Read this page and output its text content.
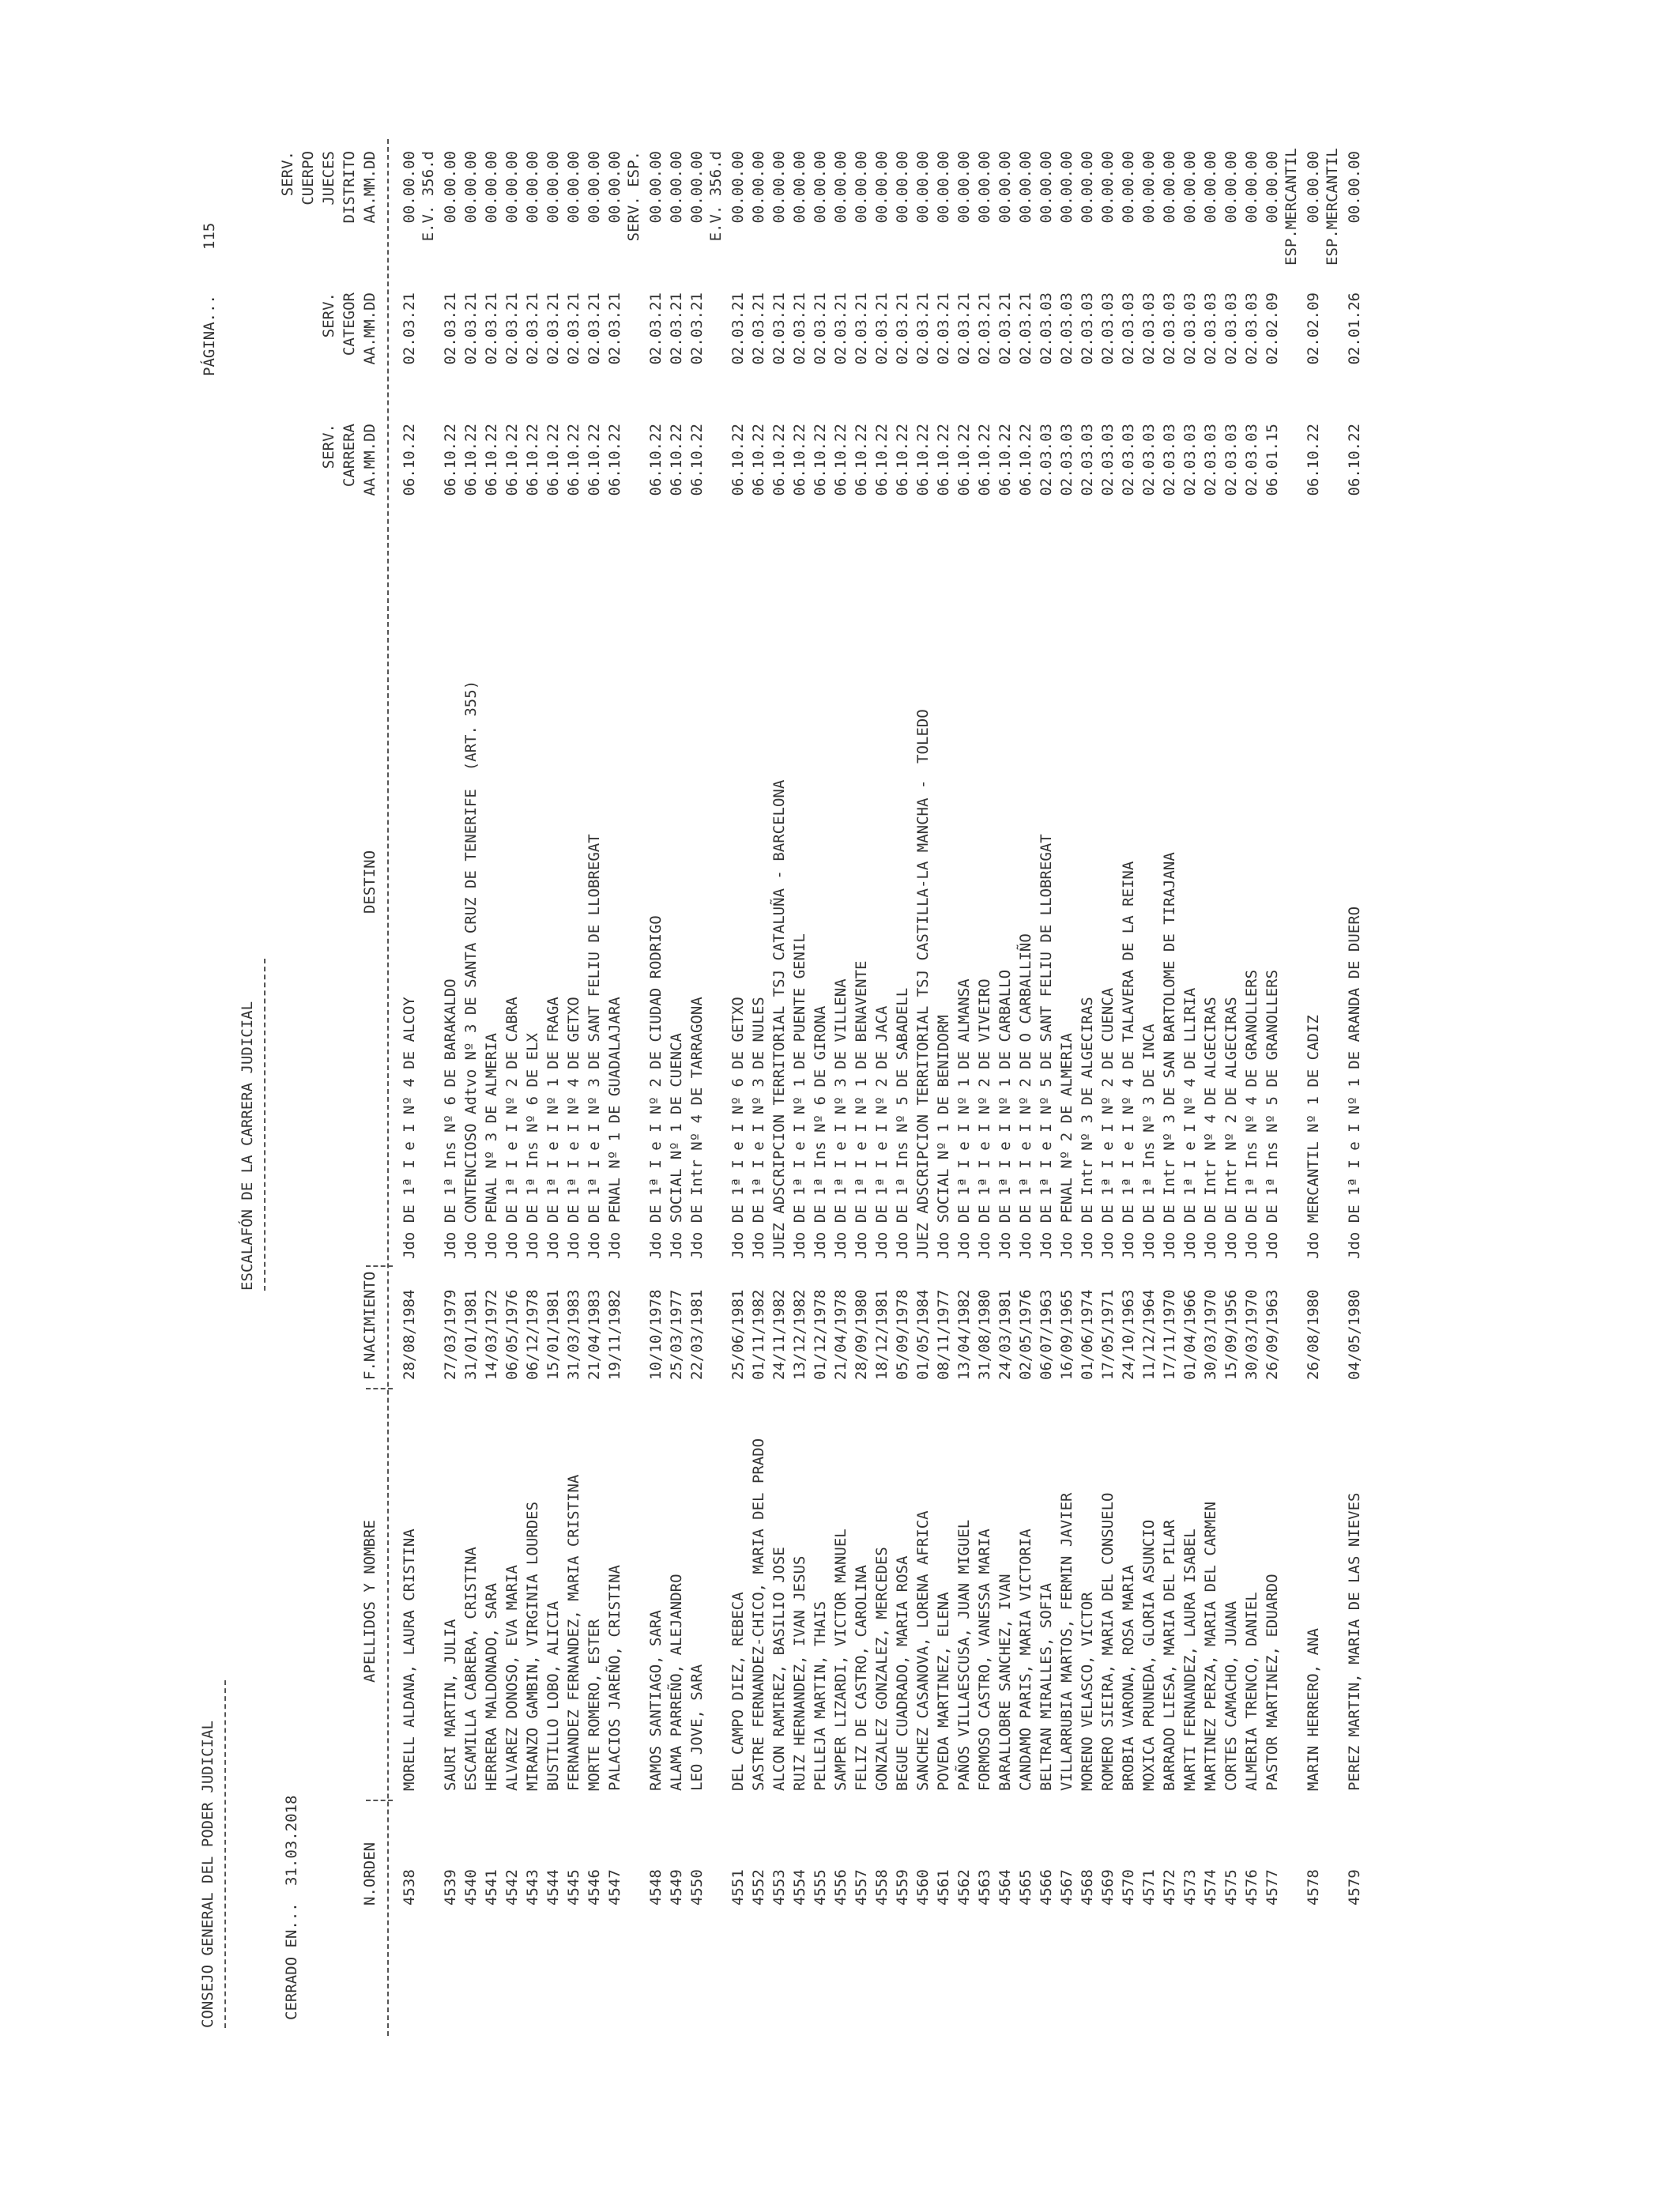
CONSEJO GENERAL DEL PODER JUDICIAL
ESCALAFÓN DE LA CARRERA JUDICIAL
PÁGINA...
115
CERRADO EN...
31.03.2018	N.ORDEN
APELLIDOS Y NOMBRE
F.NACIMIENTO
DESTINO
SERV. CARRERA AA.MM.DD
SERV. CATEGOR AA.MM.DD
SERV. CUERPO JUECES DISTRITO AA.MM.DD
4538
MORELL ALDANA, LAURA CRISTINA
28/08/1984
Jdo DE 1ª I e I Nº 4 DE ALCOY
06.10.22
02.03.21
00.00.00 E.V. 356.d
4539
SAURI MARTIN, JULIA
27/03/1979
Jdo DE 1ª Ins Nº 6 DE BARAKALDO
06.10.22
02.03.21
00.00.00
4540
ESCAMILLA CABRERA, CRISTINA
31/01/1981
Jdo CONTENCIOSO Adtvo Nº 3 DE SANTA CRUZ DE TENERIFE  (ART. 355)
06.10.22
02.03.21
00.00.00
4541
HERRERA MALDONADO, SARA
14/03/1972
Jdo PENAL Nº 3 DE ALMERIA
06.10.22
02.03.21
00.00.00
4542
ALVAREZ DONOSO, EVA MARIA
06/05/1976
Jdo DE 1ª I e I Nº 2 DE CABRA
06.10.22
02.03.21
00.00.00
4543
MIRANZO GAMBIN, VIRGINIA LOURDES
06/12/1978
Jdo DE 1ª Ins Nº 6 DE ELX
06.10.22
02.03.21
00.00.00
4544
BUSTILLO LOBO, ALICIA
15/01/1981
Jdo DE 1ª I e I Nº 1 DE FRAGA
06.10.22
02.03.21
00.00.00
4545
FERNANDEZ FERNANDEZ, MARIA CRISTINA
31/03/1983
Jdo DE 1ª I e I Nº 4 DE GETXO
06.10.22
02.03.21
00.00.00
4546
MORTE ROMERO, ESTER
21/04/1983
Jdo DE 1ª I e I Nº 3 DE SANT FELIU DE LLOBREGAT
06.10.22
02.03.21
00.00.00
4547
PALACIOS JAREÑO, CRISTINA
19/11/1982
Jdo PENAL Nº 1 DE GUADALAJARA
06.10.22
02.03.21
00.00.00 SERV. ESP.
4548
RAMOS SANTIAGO, SARA
10/10/1978
Jdo DE 1ª I e I Nº 2 DE CIUDAD RODRIGO
06.10.22
02.03.21
00.00.00
4549
ALAMA PARREÑO, ALEJANDRO
25/03/1977
Jdo SOCIAL Nº 1 DE CUENCA
06.10.22
02.03.21
00.00.00
4550
LEO JOVE, SARA
22/03/1981
Jdo DE Intr Nº 4 DE TARRAGONA
06.10.22
02.03.21
00.00.00 E.V. 356.d
4551
DEL CAMPO DIEZ, REBECA
25/06/1981
Jdo DE 1ª I e I Nº 6 DE GETXO
06.10.22
02.03.21
00.00.00
4552
SASTRE FERNANDEZ-CHICO, MARIA DEL PRADO
01/11/1982
Jdo DE 1ª I e I Nº 3 DE NULES
06.10.22
02.03.21
00.00.00
4553
ALCON RAMIREZ, BASILIO JOSE
24/11/1982
JUEZ ADSCRIPCION TERRITORIAL TSJ CATALUÑA - BARCELONA
06.10.22
02.03.21
00.00.00
4554
RUIZ HERNANDEZ, IVAN JESUS
13/12/1982
Jdo DE 1ª I e I Nº 1 DE PUENTE GENIL
06.10.22
02.03.21
00.00.00
4555
PELLEJA MARTIN, THAIS
01/12/1978
Jdo DE 1ª Ins Nº 6 DE GIRONA
06.10.22
02.03.21
00.00.00
4556
SAMPER LIZARDI, VICTOR MANUEL
21/04/1978
Jdo DE 1ª I e I Nº 3 DE VILLENA
06.10.22
02.03.21
00.00.00
4557
FELIZ DE CASTRO, CAROLINA
28/09/1980
Jdo DE 1ª I e I Nº 1 DE BENAVENTE
06.10.22
02.03.21
00.00.00
4558
GONZALEZ GONZALEZ, MERCEDES
18/12/1981
Jdo DE 1ª I e I Nº 2 DE JACA
06.10.22
02.03.21
00.00.00
4559
BEGUE CUADRADO, MARIA ROSA
05/09/1978
Jdo DE 1ª Ins Nº 5 DE SABADELL
06.10.22
02.03.21
00.00.00
4560
SANCHEZ CASANOVA, LORENA AFRICA
01/05/1984
JUEZ ADSCRIPCION TERRITORIAL TSJ CASTILLA-LA MANCHA -
06.10.22
02.03.21
00.00.00
TOLEDO
4561
POVEDA MARTINEZ, ELENA
08/11/1977
Jdo SOCIAL Nº 1 DE BENIDORM
06.10.22
02.03.21
00.00.00
4562
PAÑOS VILLAESCUSA, JUAN MIGUEL
13/04/1982
Jdo DE 1ª I e I Nº 1 DE ALMANSA
06.10.22
02.03.21
00.00.00
4563
FORMOSO CASTRO, VANESSA MARIA
31/08/1980
Jdo DE 1ª I e I Nº 2 DE VIVEIRO
06.10.22
02.03.21
00.00.00
4564
BARALLOBRE SANCHEZ, IVAN
24/03/1981
Jdo DE 1ª I e I Nº 1 DE CARBALLO
06.10.22
02.03.21
00.00.00
4565
CANDAMO PARIS, MARIA VICTORIA
02/05/1976
Jdo DE 1ª I e I Nº 2 DE O CARBALLIÑO
06.10.22
02.03.21
00.00.00
4566
BELTRAN MIRALLES, SOFIA
06/07/1963
Jdo DE 1ª I e I Nº 5 DE SANT FELIU DE LLOBREGAT
02.03.03
02.03.03
00.00.00
4567
VILLARRUBIA MARTOS, FERMIN JAVIER
16/09/1965
Jdo PENAL Nº 2 DE ALMERIA
02.03.03
02.03.03
00.00.00
4568
MORENO VELASCO, VICTOR
01/06/1974
Jdo DE Intr Nº 3 DE ALGECIRAS
02.03.03
02.03.03
00.00.00
4569
ROMERO SIEIRA, MARIA DEL CONSUELO
17/05/1971
Jdo DE 1ª I e I Nº 2 DE CUENCA
02.03.03
02.03.03
00.00.00
4570
BROBIA VARONA, ROSA MARIA
24/10/1963
Jdo DE 1ª I e I Nº 4 DE TALAVERA DE LA REINA
02.03.03
02.03.03
00.00.00
4571
MOXICA PRUNEDA, GLORIA ASUNCIO
11/12/1964
Jdo DE 1ª Ins Nº 3 DE INCA
02.03.03
02.03.03
00.00.00
4572
BARRADO LIESA, MARIA DEL PILAR
17/11/1970
Jdo DE Intr Nº 3 DE SAN BARTOLOME DE TIRAJANA
02.03.03
02.03.03
00.00.00
4573
MARTI FERNANDEZ, LAURA ISABEL
01/04/1966
Jdo DE 1ª I e I Nº 4 DE LLIRIA
02.03.03
02.03.03
00.00.00
4574
MARTINEZ PERZA, MARIA DEL CARMEN
30/03/1970
Jdo DE Intr Nº 4 DE ALGECIRAS
02.03.03
02.03.03
00.00.00
4575
CORTES CAMACHO, JUANA
15/09/1956
Jdo DE Intr Nº 2 DE ALGECIRAS
02.03.03
02.03.03
00.00.00
4576
ALMERIA TRENCO, DANIEL
30/03/1970
Jdo DE 1ª Ins Nº 4 DE GRANOLLERS
02.03.03
02.03.03
00.00.00
4577
PASTOR MARTINEZ, EDUARDO
26/09/1963
Jdo DE 1ª Ins Nº 5 DE GRANOLLERS
06.01.15
02.02.09
00.00.00 ESP.MERCANTIL
4578
MARIN HERRERO, ANA
26/08/1980
Jdo MERCANTIL Nº 1 DE CADIZ
06.10.22
02.02.09
00.00.00 ESP.MERCANTIL
4579
PEREZ MARTIN, MARIA DE LAS NIEVES
04/05/1980
Jdo DE 1ª I e I Nº 1 DE ARANDA DE DUERO
06.10.22
02.01.26
00.00.00
